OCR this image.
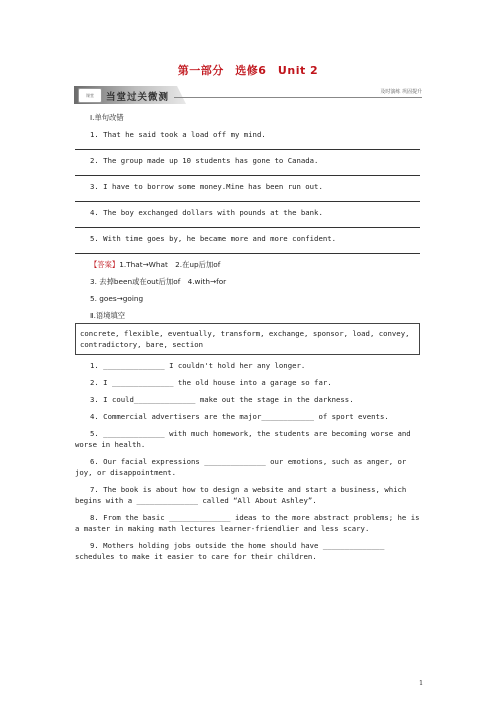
第一部分　选修6　Unit 2
课堂	当堂过关微测	及时演练 巩固提升
Ⅰ.单句改错
1. That he said took a load off my mind.
2. The group made up 10 students has gone to Canada.
3. I have to borrow some money.Mine has been run out.
4. The boy exchanged dollars with pounds at the bank.
5. With time goes by, he became more and more confident.
【答案】1.That→What　2.在up后加of
3. 去掉been或在out后加of　4.with→for
5. goes→going
Ⅱ.语境填空
concrete, flexible, eventually, transform, exchange, sponsor, load, convey, contradictory, bare, section
1. ______________ I couldn't hold her any longer.
2. I ______________ the old house into a garage so far.
3. I could______________ make out the stage in the darkness.
4. Commercial advertisers are the major____________ of sport events.
5. ______________ with much homework, the students are becoming worse and worse in health.
6. Our facial expressions ______________ our emotions, such as anger, or joy, or disappointment.
7. The book is about how to design a website and start a business, which begins with a ______________ called “All About Ashley”.
8. From the basic ______________ ideas to the more abstract problems; he is a master in making math lectures learner-friendlier and less scary.
9. Mothers holding jobs outside the home should have ______________ schedules to make it easier to care for their children.
1
